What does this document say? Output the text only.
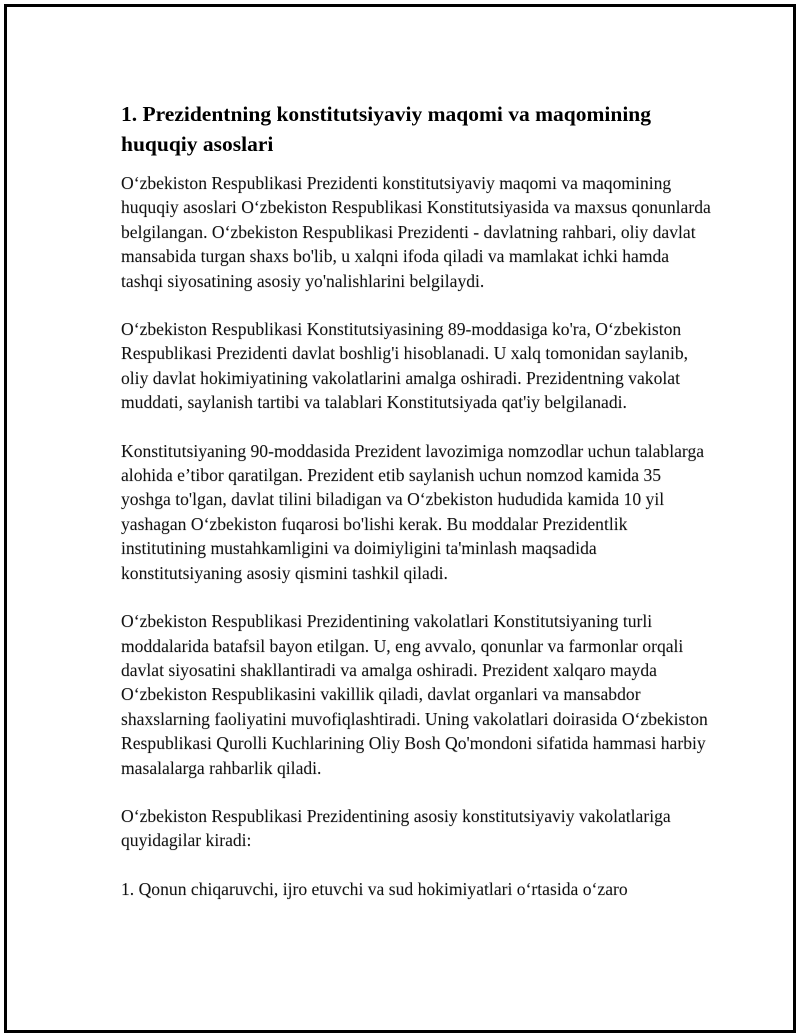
1. Prezidentning konstitutsiyaviy maqomi va maqomining huquqiy asoslari

O‘zbekiston Respublikasi Prezidenti konstitutsiyaviy maqomi va maqomining huquqiy asoslari O‘zbekiston Respublikasi Konstitutsiyasida va maxsus qonunlarda belgilangan. O‘zbekiston Respublikasi Prezidenti - davlatning rahbari, oliy davlat mansabida turgan shaxs bo'lib, u xalqni ifoda qiladi va mamlakat ichki hamda tashqi siyosatining asosiy yo'nalishlarini belgilaydi.

O‘zbekiston Respublikasi Konstitutsiyasining 89-moddasiga ko'ra, O‘zbekiston Respublikasi Prezidenti davlat boshlig'i hisoblanadi. U xalq tomonidan saylanib, oliy davlat hokimiyatining vakolatlarini amalga oshiradi. Prezidentning vakolat muddati, saylanish tartibi va talablari Konstitutsiyada qat'iy belgilanadi.

Konstitutsiyaning 90-moddasida Prezident lavozimiga nomzodlar uchun talablarga alohida e’tibor qaratilgan. Prezident etib saylanish uchun nomzod kamida 35 yoshga to'lgan, davlat tilini biladigan va O‘zbekiston hududida kamida 10 yil yashagan O‘zbekiston fuqarosi bo'lishi kerak. Bu moddalar Prezidentlik institutining mustahkamligini va doimiyligini ta'minlash maqsadida konstitutsiyaning asosiy qismini tashkil qiladi.

O‘zbekiston Respublikasi Prezidentining vakolatlari Konstitutsiyaning turli moddalarida batafsil bayon etilgan. U, eng avvalo, qonunlar va farmonlar orqali davlat siyosatini shakllantiradi va amalga oshiradi. Prezident xalqaro mayda O‘zbekiston Respublikasini vakillik qiladi, davlat organlari va mansabdor shaxslarning faoliyatini muvofiqlashtiradi. Uning vakolatlari doirasida O‘zbekiston Respublikasi Qurolli Kuchlarining Oliy Bosh Qo'mondoni sifatida hammasi harbiy masalalarga rahbarlik qiladi.

O‘zbekiston Respublikasi Prezidentining asosiy konstitutsiyaviy vakolatlariga quyidagilar kiradi:

1. Qonun chiqaruvchi, ijro etuvchi va sud hokimiyatlari o‘rtasida o‘zaro
